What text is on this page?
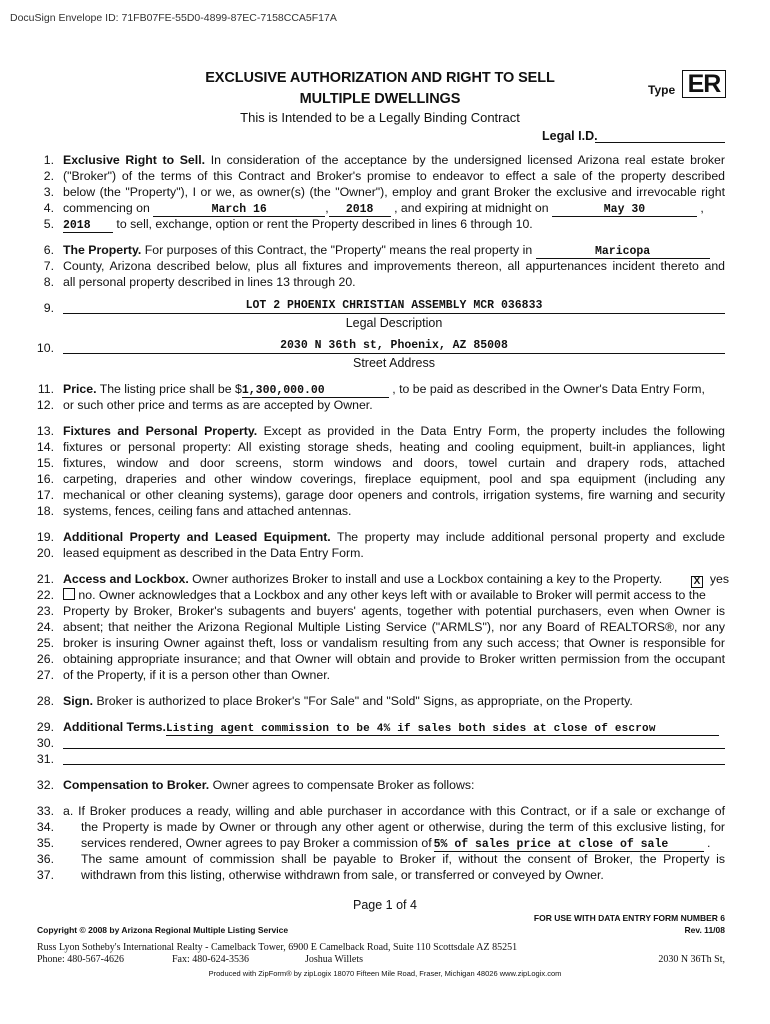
DocuSign Envelope ID: 71FB07FE-55D0-4899-87EC-7158CCA5F17A
EXCLUSIVE AUTHORIZATION AND RIGHT TO SELL
MULTIPLE DWELLINGS
This is Intended to be a Legally Binding Contract
Type ER
Legal I.D.
1. Exclusive Right to Sell. In consideration of the acceptance by the undersigned licensed Arizona real estate broker
2. ("Broker") of the terms of this Contract and Broker's promise to endeavor to effect a sale of the property described
3. below (the "Property"), I or we, as owner(s) (the "Owner"), employ and grant Broker the exclusive and irrevocable right
4. commencing on	March 16	, 2018 , and expiring at midnight on	May 30	,
5. 2018 to sell, exchange, option or rent the Property described in lines 6 through 10.
6. The Property. For purposes of this Contract, the "Property" means the real property in	Maricopa
7. County, Arizona described below, plus all fixtures and improvements thereon, all appurtenances incident thereto and
8. all personal property described in lines 13 through 20.
9.	LOT 2 PHOENIX CHRISTIAN ASSEMBLY MCR 036833
Legal Description
10.	2030 N 36th st, Phoenix, AZ 85008
Street Address
11. Price. The listing price shall be $1,300,000.00	, to be paid as described in the Owner's Data Entry Form,
12. or such other price and terms as are accepted by Owner.
13. Fixtures and Personal Property. Except as provided in the Data Entry Form, the property includes the following
14. fixtures or personal property: All existing storage sheds, heating and cooling equipment, built-in appliances, light
15. fixtures, window and door screens, storm windows and doors, towel curtain and drapery rods, attached
16. carpeting, draperies and other window coverings, fireplace equipment, pool and spa equipment (including any
17. mechanical or other cleaning systems), garage door openers and controls, irrigation systems, fire warning and security
18. systems, fences, ceiling fans and attached antennas.
19. Additional Property and Leased Equipment. The property may include additional personal property and exclude
20. leased equipment as described in the Data Entry Form.
21. Access and Lockbox. Owner authorizes Broker to install and use a Lockbox containing a key to the Property.	X yes
22.	no. Owner acknowledges that a Lockbox and any other keys left with or available to Broker will permit access to the
23. Property by Broker, Broker's subagents and buyers' agents, together with potential purchasers, even when Owner is
24. absent; that neither the Arizona Regional Multiple Listing Service ("ARMLS"), nor any Board of REALTORS®, nor any
25. broker is insuring Owner against theft, loss or vandalism resulting from any such access; that Owner is responsible for
26. obtaining appropriate insurance; and that Owner will obtain and provide to Broker written permission from the occupant
27. of the Property, if it is a person other than Owner.
28. Sign. Broker is authorized to place Broker's "For Sale" and "Sold" Signs, as appropriate, on the Property.
29. Additional Terms.Listing agent commission to be 4% if sales both sides at close of escrow
30.
31.
32. Compensation to Broker. Owner agrees to compensate Broker as follows:
33. a. If Broker produces a ready, willing and able purchaser in accordance with this Contract, or if a sale or exchange of
34. the Property is made by Owner or through any other agent or otherwise, during the term of this exclusive listing, for
35. services rendered, Owner agrees to pay Broker a commission of 5% of sales price at close of sale	.
36. The same amount of commission shall be payable to Broker if, without the consent of Broker, the Property is
37. withdrawn from this listing, otherwise withdrawn from sale, or transferred or conveyed by Owner.
Page 1 of 4
Copyright © 2008 by Arizona Regional Multiple Listing Service
FOR USE WITH DATA ENTRY FORM NUMBER 6
Rev. 11/08
Russ Lyon Sotheby's International Realty - Camelback Tower, 6900 E Camelback Road, Suite 110 Scottsdale AZ 85251
Phone: 480-567-4626	Fax: 480-624-3536	Joshua Willets	2030 N 36Th St,
Produced with ZipForm® by zipLogix 18070 Fifteen Mile Road, Fraser, Michigan 48026 www.zipLogix.com
